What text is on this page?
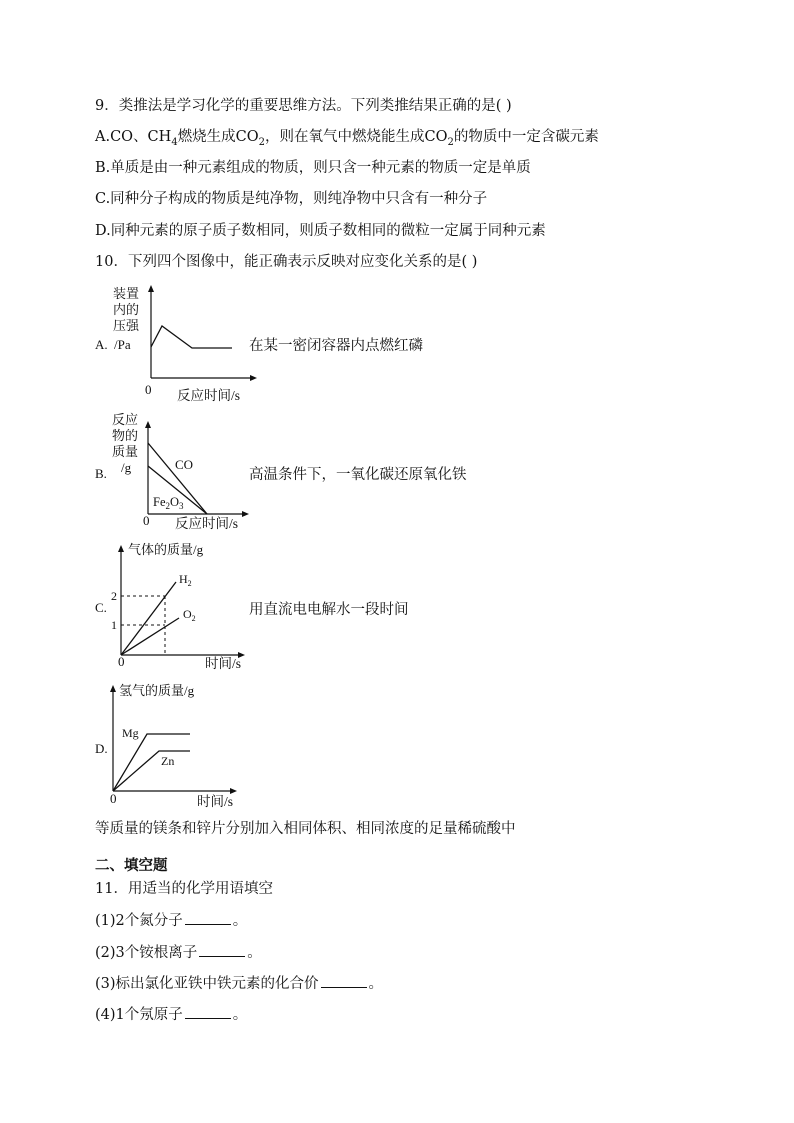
9．类推法是学习化学的重要思维方法。下列类推结果正确的是( )
A.CO、$CH_4$燃烧生成$CO_2$，则在氧气中燃烧能生成$CO_2$的物质中一定含碳元素
B.单质是由一种元素组成的物质，则只含一种元素的物质一定是单质
C.同种分子构成的物质是纯净物，则纯净物中只含有一种分子
D.同种元素的原子质子数相同，则质子数相同的微粒一定属于同种元素
10．下列四个图像中，能正确表示反映对应变化关系的是( )
装置
内的
压强
A. /Pa
0 反应时间/s
在某一密闭容器内点燃红磷
反应
物的
质量
/g
B.
CO
$Fe_2O_3$
0 反应时间/s
高温条件下，一氧化碳还原氧化铁
气体的质量/g
C.
2
1
$H_2$
$O_2$
0	时间/s
用直流电电解水一段时间
氢气的质量/g
D.
Mg
Zn
0	时间/s
等质量的镁条和锌片分别加入相同体积、相同浓度的足量稀硫酸中
二、填空题
11．用适当的化学用语填空
(1)2个氮分子	。
(2)3个铵根离子	。
(3)标出氯化亚铁中铁元素的化合价	。
(4)1个氖原子	。
